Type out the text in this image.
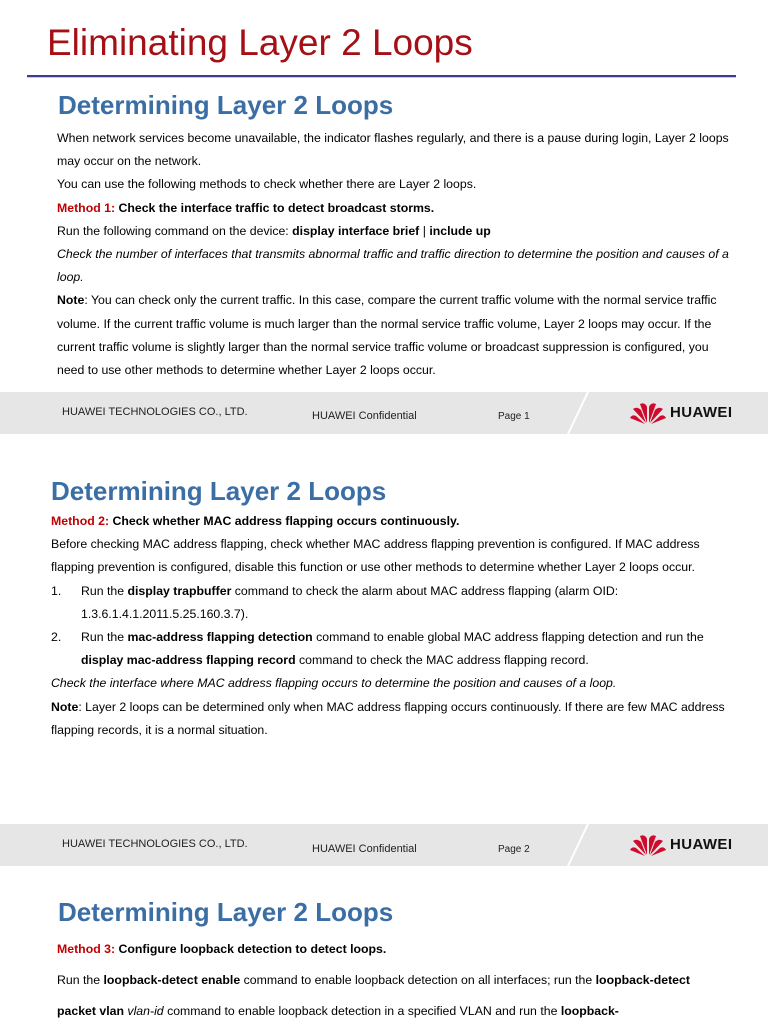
Eliminating Layer 2 Loops
Determining Layer 2 Loops
When network services become unavailable, the indicator flashes regularly, and there is a pause during login, Layer 2 loops may occur on the network.
You can use the following methods to check whether there are Layer 2 loops.
Method 1: Check the interface traffic to detect broadcast storms.
Run the following command on the device: display interface brief | include up
Check the number of interfaces that transmits abnormal traffic and traffic direction to determine the position and causes of a loop.
Note: You can check only the current traffic. In this case, compare the current traffic volume with the normal service traffic volume. If the current traffic volume is much larger than the normal service traffic volume, Layer 2 loops may occur. If the current traffic volume is slightly larger than the normal service traffic volume or broadcast suppression is configured, you need to use other methods to determine whether Layer 2 loops occur.
HUAWEI TECHNOLOGIES CO., LTD.	HUAWEI Confidential	Page 1	HUAWEI
Determining Layer 2 Loops
Method 2: Check whether MAC address flapping occurs continuously.
Before checking MAC address flapping, check whether MAC address flapping prevention is configured. If MAC address flapping prevention is configured, disable this function or use other methods to determine whether Layer 2 loops occur.
1.	Run the display trapbuffer command to check the alarm about MAC address flapping (alarm OID: 1.3.6.1.4.1.2011.5.25.160.3.7).
2.	Run the mac-address flapping detection command to enable global MAC address flapping detection and run the display mac-address flapping record command to check the MAC address flapping record.
Check the interface where MAC address flapping occurs to determine the position and causes of a loop.
Note: Layer 2 loops can be determined only when MAC address flapping occurs continuously. If there are few MAC address flapping records, it is a normal situation.
HUAWEI TECHNOLOGIES CO., LTD.	HUAWEI Confidential	Page 2	HUAWEI
Determining Layer 2 Loops
Method 3: Configure loopback detection to detect loops.
Run the loopback-detect enable command to enable loopback detection on all interfaces; run the loopback-detect packet vlan vlan-id command to enable loopback detection in a specified VLAN and run the loopback-
